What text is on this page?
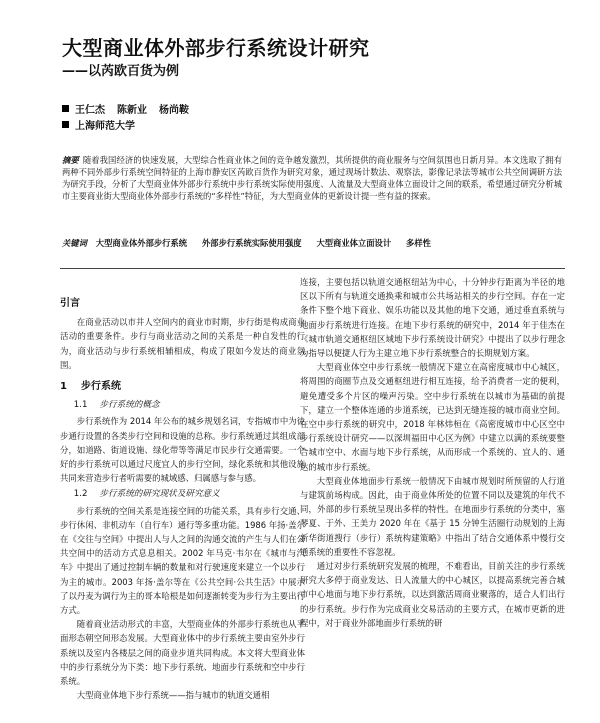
大型商业体外部步行系统设计研究
——以芮欧百货为例
王仁杰 陈新业 杨尚鞍
上海师范大学
摘要 随着我国经济的快速发展，大型综合性商业体之间的竞争越发激烈，其所提供的商业服务与空间氛围也日新月异。本文选取了拥有两种不同外部步行系统空间特征的上海市静安区芮欧百货作为研究对象，通过现场计数法、观察法，影像记录法等城市公共空间调研方法为研究手段，分析了大型商业体外部步行系统中步行系统实际使用强度、人流量及大型商业体立面设计之间的联系，希望通过研究分析城市主要商业街大型商业体外部步行系统的“多样性”特征，为大型商业体的更新设计提一些有益的探索。
关键词 大型商业体外部步行系统 外部步行系统实际使用强度 大型商业体立面设计 多样性
引言

在商业活动以市井人空间内的商业市时期，步行街是构成商业活动的重要条件。步行与商业活动之间的关系是一种自发性的行为，商业活动与步行系统相辅相成，构成了限如今发达的商业氛围。

1 步行系统
1.1 步行系统的概念

步行系统作为 2014 年公布的城乡规划名词，专指城市中为徒步通行设置的各类步行空间和设施的总称。步行系统通过其组成部分，如道路、街道设施、绿化带等等满足市民步行交通需要。一个好的步行系统可以通过尺度宜人的步行空间，绿化系统和其他设施共同来营造步行者听需要的城域感、归属感与参与感。

1.2 步行系统的研究现状及研究意义

步行系统的空间关系是连接空间的功能关系，具有步行交通、步行休闲、非机动车（自行车）通行等多重功能。1986 年扬·盖尔在《交往与空间》中提出人与人之间的沟通交流的产生与人们在公共空间中的活动方式息息相关。2002 年马克·韦尔在《城市与汽车》中提出了通过控制车辆的数量和对行驶速度来建立一个以步行为主的城市。2003 年扬·盖尔等在《公共空间·公共生活》中展示了以丹麦为调行为主的哥本哈根是如何逐渐转变为步行为主要出行方式。

随着商业活动形式的丰富，大型商业体的外部步行系统也从平面形态朝空间形态发展。大型商业体中的步行系统主要由室外步行系统以及室内各楼层之间的商业步道共同构成。本文将大型商业体中的步行系统分为下类：地下步行系统、地面步行系统和空中步行系统。

大型商业体地下步行系统——指与城市的轨道交通相

连接，主要包括以轨道交通枢纽站为中心，十分钟步行距离为半径的地区以下所有与轨道交通换乘和城市公共场站相关的步行空间。存在一定条件下整个地下商业、娱乐功能以及其他的地下交通，通过垂直系统与地面步行系统进行连接。在地下步行系统的研究中，2014 年于佳杰在《城市轨道交通枢纽区域地下步行系统设计研究》中提出了以步行理念为指导以便捷人行为主建立地下步行系统整合的长期规划方案。

大型商业体空中步行系统一般情况下建立在高密度城市中心城区，将周围的商圈节点及交通枢纽进行相互连接，给予消费者一定的便利，避免遭受多个片区的噪声污染。空中步行系统在以城市为基础的前提下，建立一个整体连通的步道系统，已达到无缝连接的城市商业空间。在空中步行系统的研究中，2018 年林炜桓在《高密度城市中心区空中步行系统设计研究——以深圳福田中心区为例》中建立以满的系统要整合城市空中、水面与地下步行系统，从而形成一个系统的、宜人的、通达的城市步行系统。

大型商业体地面步行系统一般情况下由城市规划时所预留的人行道与建筑前场构成。因此，由于商业体所处的位置不同以及建筑的年代不同，外部的步行系统呈现出多样的特性。在地面步行系统的分类中，塞琴夏、于外、王美力 2020 年在《基于 15 分钟生活圈行动规划的上海新华街道搜行（步行）系统构建策略》中指出了结合交通体系中慢行交通系统的重要性不容忽视。

通过对步行系统研究发展的梳理，不难看出，目前关注的步行系统研究大多停于商业发达、日人流量大的中心城区，以提高系统完善合城市中心地面与地下步行系统，以达到激活周商业聚落的，适合人们出行的步行系统。步行作为完成商业交易活动的主要方式，在城市更新的进程中，对于商业外部地面步行系统的研
